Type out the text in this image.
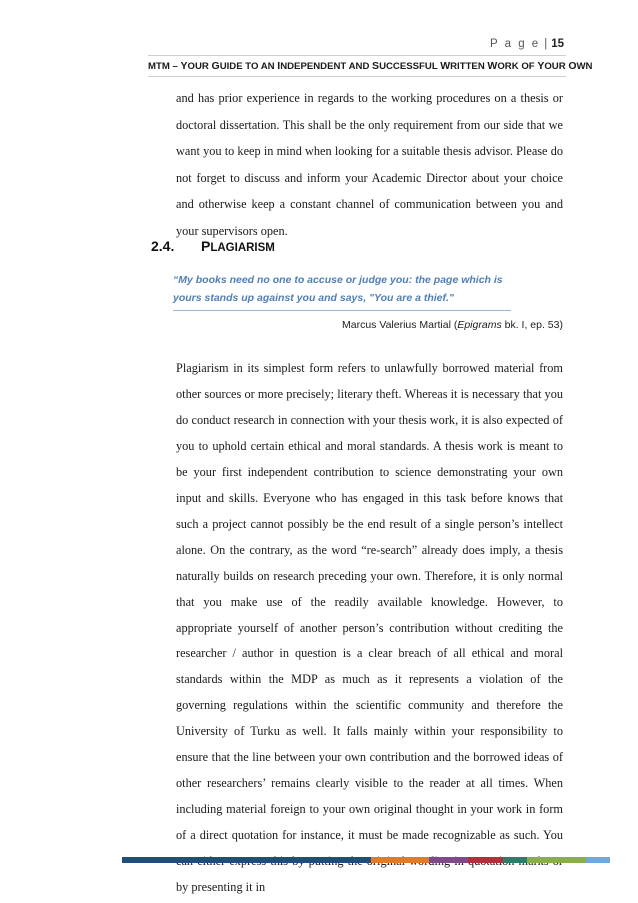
P a g e | 15
MTM – YOUR GUIDE TO AN INDEPENDENT AND SUCCESSFUL WRITTEN WORK OF YOUR OWN

and has prior experience in regards to the working procedures on a thesis or doctoral dissertation. This shall be the only requirement from our side that we want you to keep in mind when looking for a suitable thesis advisor. Please do not forget to discuss and inform your Academic Director about your choice and otherwise keep a constant channel of communication between you and your supervisors open.

2.4. PLAGIARISM
“My books need no one to accuse or judge you: the page which is yours stands up against you and says, "You are a thief."
Marcus Valerius Martial (Epigrams bk. I, ep. 53)

Plagiarism in its simplest form refers to unlawfully borrowed material from other sources or more precisely; literary theft. Whereas it is necessary that you do conduct research in connection with your thesis work, it is also expected of you to uphold certain ethical and moral standards. A thesis work is meant to be your first independent contribution to science demonstrating your own input and skills. Everyone who has engaged in this task before knows that such a project cannot possibly be the end result of a single person’s intellect alone. On the contrary, as the word “re-search” already does imply, a thesis naturally builds on research preceding your own. Therefore, it is only normal that you make use of the readily available knowledge. However, to appropriate yourself of another person’s contribution without crediting the researcher / author in question is a clear breach of all ethical and moral standards within the MDP as much as it represents a violation of the governing regulations within the scientific community and therefore the University of Turku as well. It falls mainly within your responsibility to ensure that the line between your own contribution and the borrowed ideas of other researchers’ remains clearly visible to the reader at all times. When including material foreign to your own original thought in your work in form of a direct quotation for instance, it must be made recognizable as such. You by presenting it in
